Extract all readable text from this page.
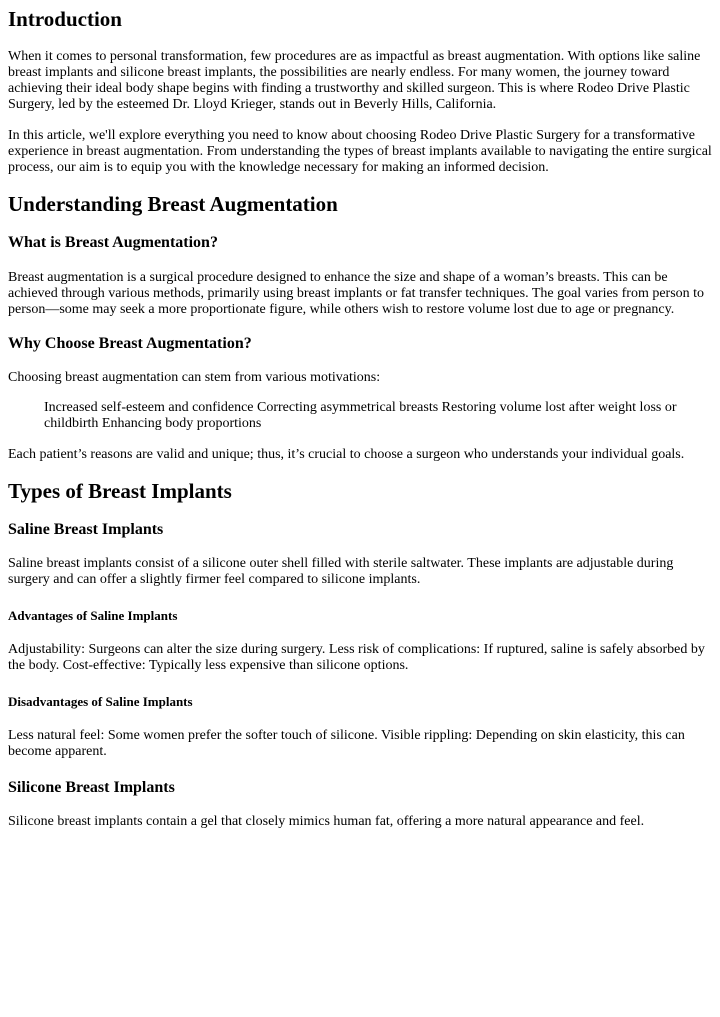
Introduction

When it comes to personal transformation, few procedures are as impactful as breast augmentation. With options like saline breast implants and silicone breast implants, the possibilities are nearly endless. For many women, the journey toward achieving their ideal body shape begins with finding a trustworthy and skilled surgeon. This is where Rodeo Drive Plastic Surgery, led by the esteemed Dr. Lloyd Krieger, stands out in Beverly Hills, California.

In this article, we'll explore everything you need to know about choosing Rodeo Drive Plastic Surgery for a transformative experience in breast augmentation. From understanding the types of breast implants available to navigating the entire surgical process, our aim is to equip you with the knowledge necessary for making an informed decision.

Understanding Breast Augmentation
What is Breast Augmentation?

Breast augmentation is a surgical procedure designed to enhance the size and shape of a woman’s breasts. This can be achieved through various methods, primarily using breast implants or fat transfer techniques. The goal varies from person to person—some may seek a more proportionate figure, while others wish to restore volume lost due to age or pregnancy.

Why Choose Breast Augmentation?

Choosing breast augmentation can stem from various motivations:

Increased self-esteem and confidence Correcting asymmetrical breasts Restoring volume lost after weight loss or childbirth Enhancing body proportions

Each patient’s reasons are valid and unique; thus, it’s crucial to choose a surgeon who understands your individual goals.

Types of Breast Implants
Saline Breast Implants

Saline breast implants consist of a silicone outer shell filled with sterile saltwater. These implants are adjustable during surgery and can offer a slightly firmer feel compared to silicone implants.

Advantages of Saline Implants

Adjustability: Surgeons can alter the size during surgery. Less risk of complications: If ruptured, saline is safely absorbed by the body. Cost-effective: Typically less expensive than silicone options.

Disadvantages of Saline Implants

Less natural feel: Some women prefer the softer touch of silicone. Visible rippling: Depending on skin elasticity, this can become apparent.

Silicone Breast Implants

Silicone breast implants contain a gel that closely mimics human fat, offering a more natural appearance and feel.
